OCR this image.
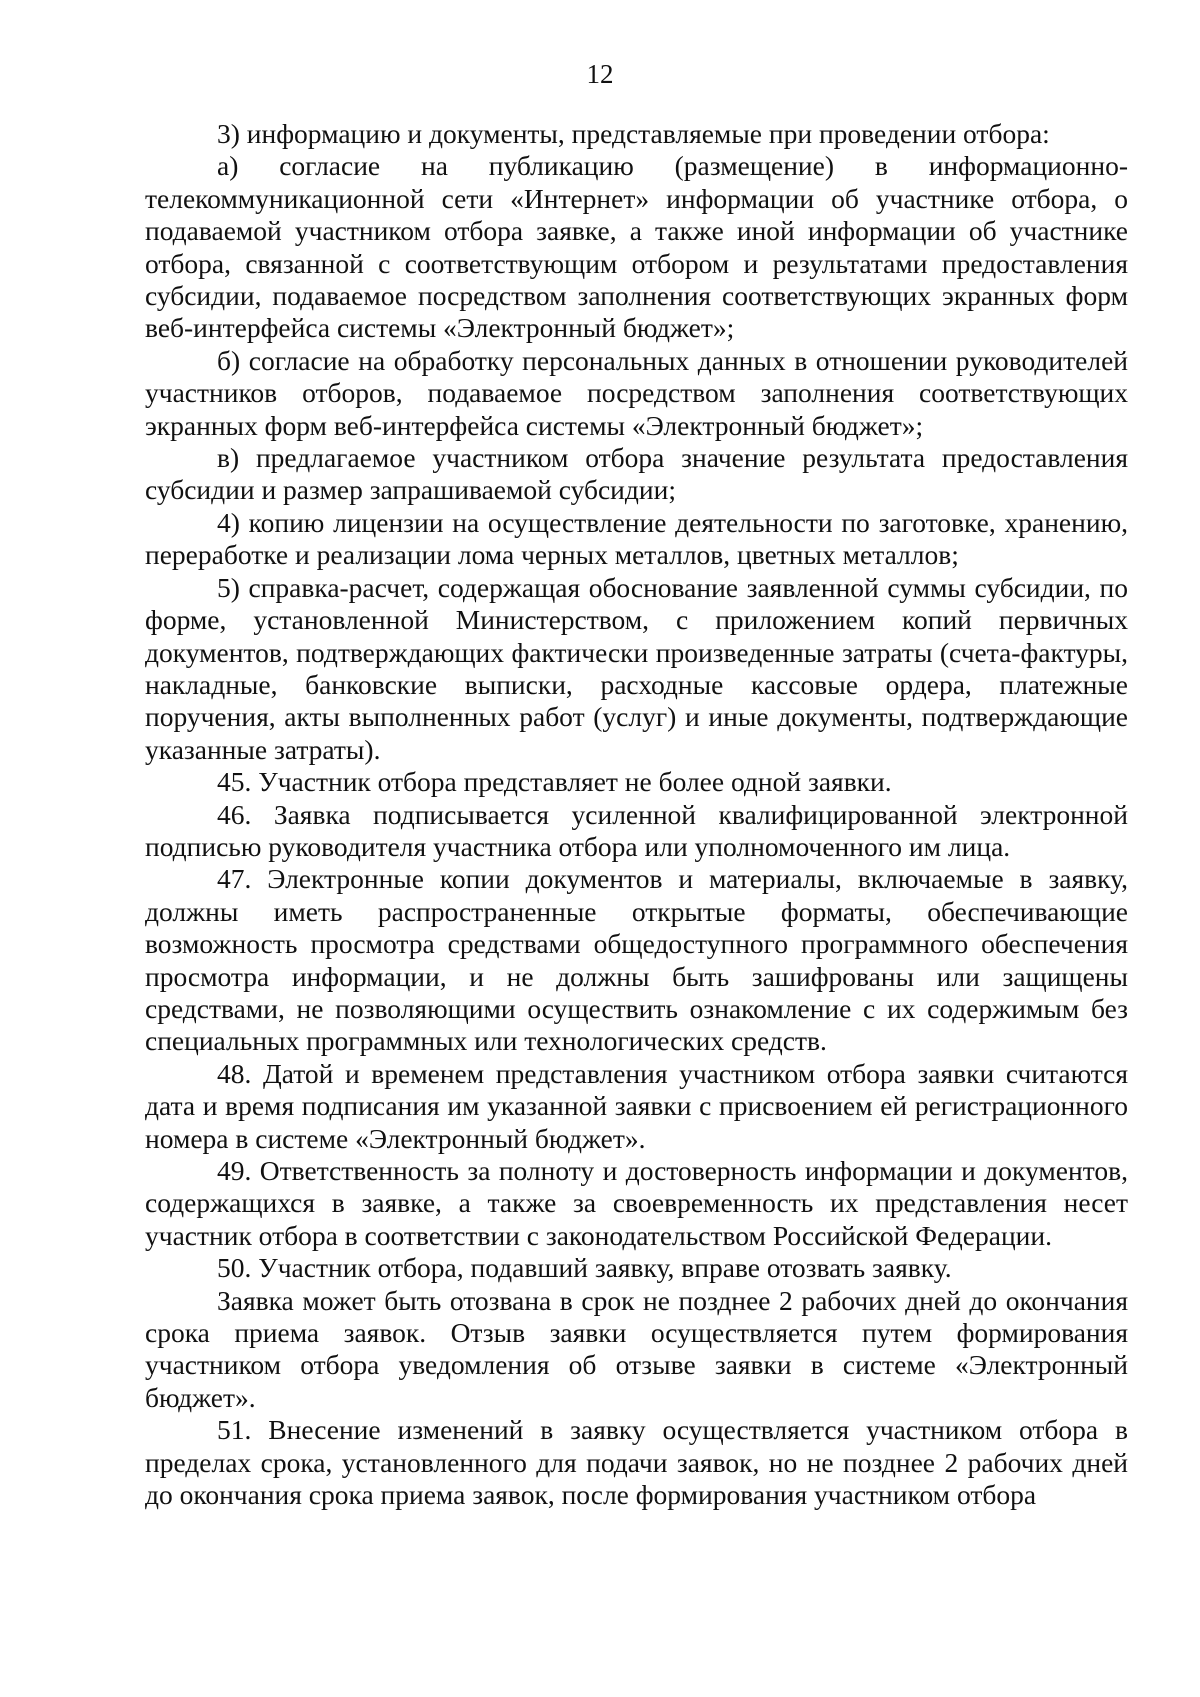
12

3) информацию и документы, представляемые при проведении отбора:

а) согласие на публикацию (размещение) в информационно-телекоммуникационной сети «Интернет» информации об участнике отбора, о подаваемой участником отбора заявке, а также иной информации об участнике отбора, связанной с соответствующим отбором и результатами предоставления субсидии, подаваемое посредством заполнения соответствующих экранных форм веб-интерфейса системы «Электронный бюджет»;

б) согласие на обработку персональных данных в отношении руководителей участников отборов, подаваемое посредством заполнения соответствующих экранных форм веб-интерфейса системы «Электронный бюджет»;

в) предлагаемое участником отбора значение результата предоставления субсидии и размер запрашиваемой субсидии;

4) копию лицензии на осуществление деятельности по заготовке, хранению, переработке и реализации лома черных металлов, цветных металлов;

5) справка-расчет, содержащая обоснование заявленной суммы субсидии, по форме, установленной Министерством, с приложением копий первичных документов, подтверждающих фактически произведенные затраты (счета-фактуры, накладные, банковские выписки, расходные кассовые ордера, платежные поручения, акты выполненных работ (услуг) и иные документы, подтверждающие указанные затраты).

45. Участник отбора представляет не более одной заявки.

46. Заявка подписывается усиленной квалифицированной электронной подписью руководителя участника отбора или уполномоченного им лица.

47. Электронные копии документов и материалы, включаемые в заявку, должны иметь распространенные открытые форматы, обеспечивающие возможность просмотра средствами общедоступного программного обеспечения просмотра информации, и не должны быть зашифрованы или защищены средствами, не позволяющими осуществить ознакомление с их содержимым без специальных программных или технологических средств.

48. Датой и временем представления участником отбора заявки считаются дата и время подписания им указанной заявки с присвоением ей регистрационного номера в системе «Электронный бюджет».

49. Ответственность за полноту и достоверность информации и документов, содержащихся в заявке, а также за своевременность их представления несет участник отбора в соответствии с законодательством Российской Федерации.

50. Участник отбора, подавший заявку, вправе отозвать заявку.

Заявка может быть отозвана в срок не позднее 2 рабочих дней до окончания срока приема заявок. Отзыв заявки осуществляется путем формирования участником отбора уведомления об отзыве заявки в системе «Электронный бюджет».

51. Внесение изменений в заявку осуществляется участником отбора в пределах срока, установленного для подачи заявок, но не позднее 2 рабочих дней до окончания срока приема заявок, после формирования участником отбора
